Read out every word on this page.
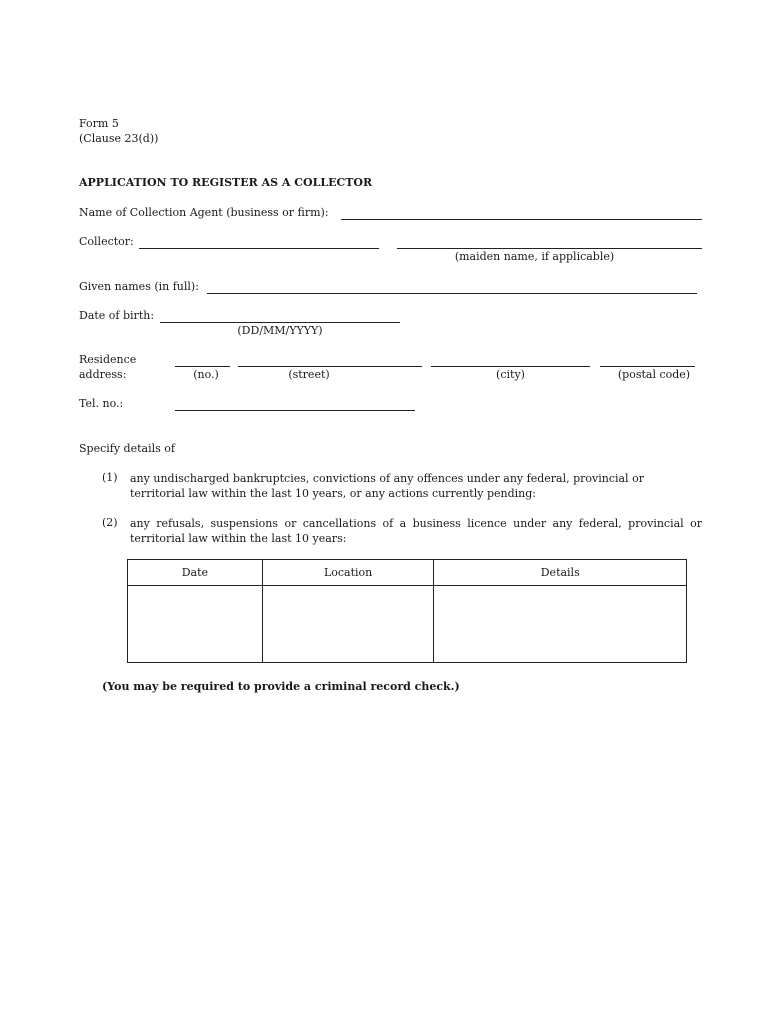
Form 5
(Clause 23(d))
APPLICATION TO REGISTER AS A COLLECTOR
Name of Collection Agent (business or firm):
Collector:
(maiden name, if applicable)
Given names (in full):
Date of birth:
(DD/MM/YYYY)
Residence
address:	(no.)	(street)	(city)	(postal code)
Tel. no.:
Specify details of
(1) any undischarged bankruptcies, convictions of any offences under any federal, provincial or territorial law within the last 10 years, or any actions currently pending:
(2) any refusals, suspensions or cancellations of a business licence under any federal, provincial or territorial law within the last 10 years:
Date	Location	Details

(You may be required to provide a criminal record check.)
